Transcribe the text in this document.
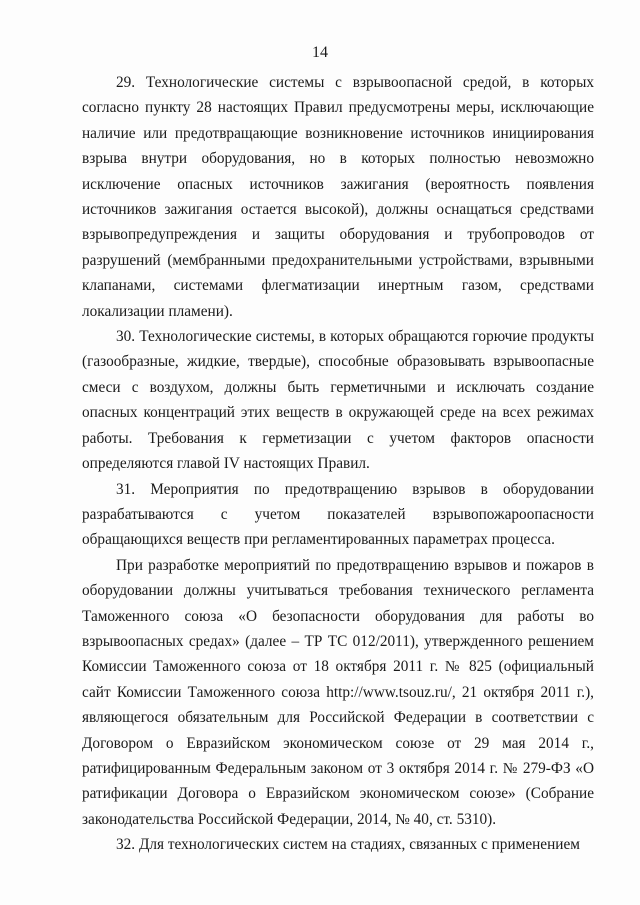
14

29. Технологические системы с взрывоопасной средой, в которых согласно пункту 28 настоящих Правил предусмотрены меры, исключающие наличие или предотвращающие возникновение источников инициирования взрыва внутри оборудования, но в которых полностью невозможно исключение опасных источников зажигания (вероятность появления источников зажигания остается высокой), должны оснащаться средствами взрывопредупреждения и защиты оборудования и трубопроводов от разрушений (мембранными предохранительными устройствами, взрывными клапанами, системами флегматизации инертным газом, средствами локализации пламени).

30. Технологические системы, в которых обращаются горючие продукты (газообразные, жидкие, твердые), способные образовывать взрывоопасные смеси с воздухом, должны быть герметичными и исключать создание опасных концентраций этих веществ в окружающей среде на всех режимах работы. Требования к герметизации с учетом факторов опасности определяются главой IV настоящих Правил.

31. Мероприятия по предотвращению взрывов в оборудовании разрабатываются с учетом показателей взрывопожароопасности обращающихся веществ при регламентированных параметрах процесса.

При разработке мероприятий по предотвращению взрывов и пожаров в оборудовании должны учитываться требования технического регламента Таможенного союза «О безопасности оборудования для работы во взрывоопасных средах» (далее – ТР ТС 012/2011), утвержденного решением Комиссии Таможенного союза от 18 октября 2011 г. № 825 (официальный сайт Комиссии Таможенного союза http://www.tsouz.ru/, 21 октября 2011 г.), являющегося обязательным для Российской Федерации в соответствии с Договором о Евразийском экономическом союзе от 29 мая 2014 г., ратифицированным Федеральным законом от 3 октября 2014 г. № 279-ФЗ «О ратификации Договора о Евразийском экономическом союзе» (Собрание законодательства Российской Федерации, 2014, № 40, ст. 5310).

32. Для технологических систем на стадиях, связанных с применением
